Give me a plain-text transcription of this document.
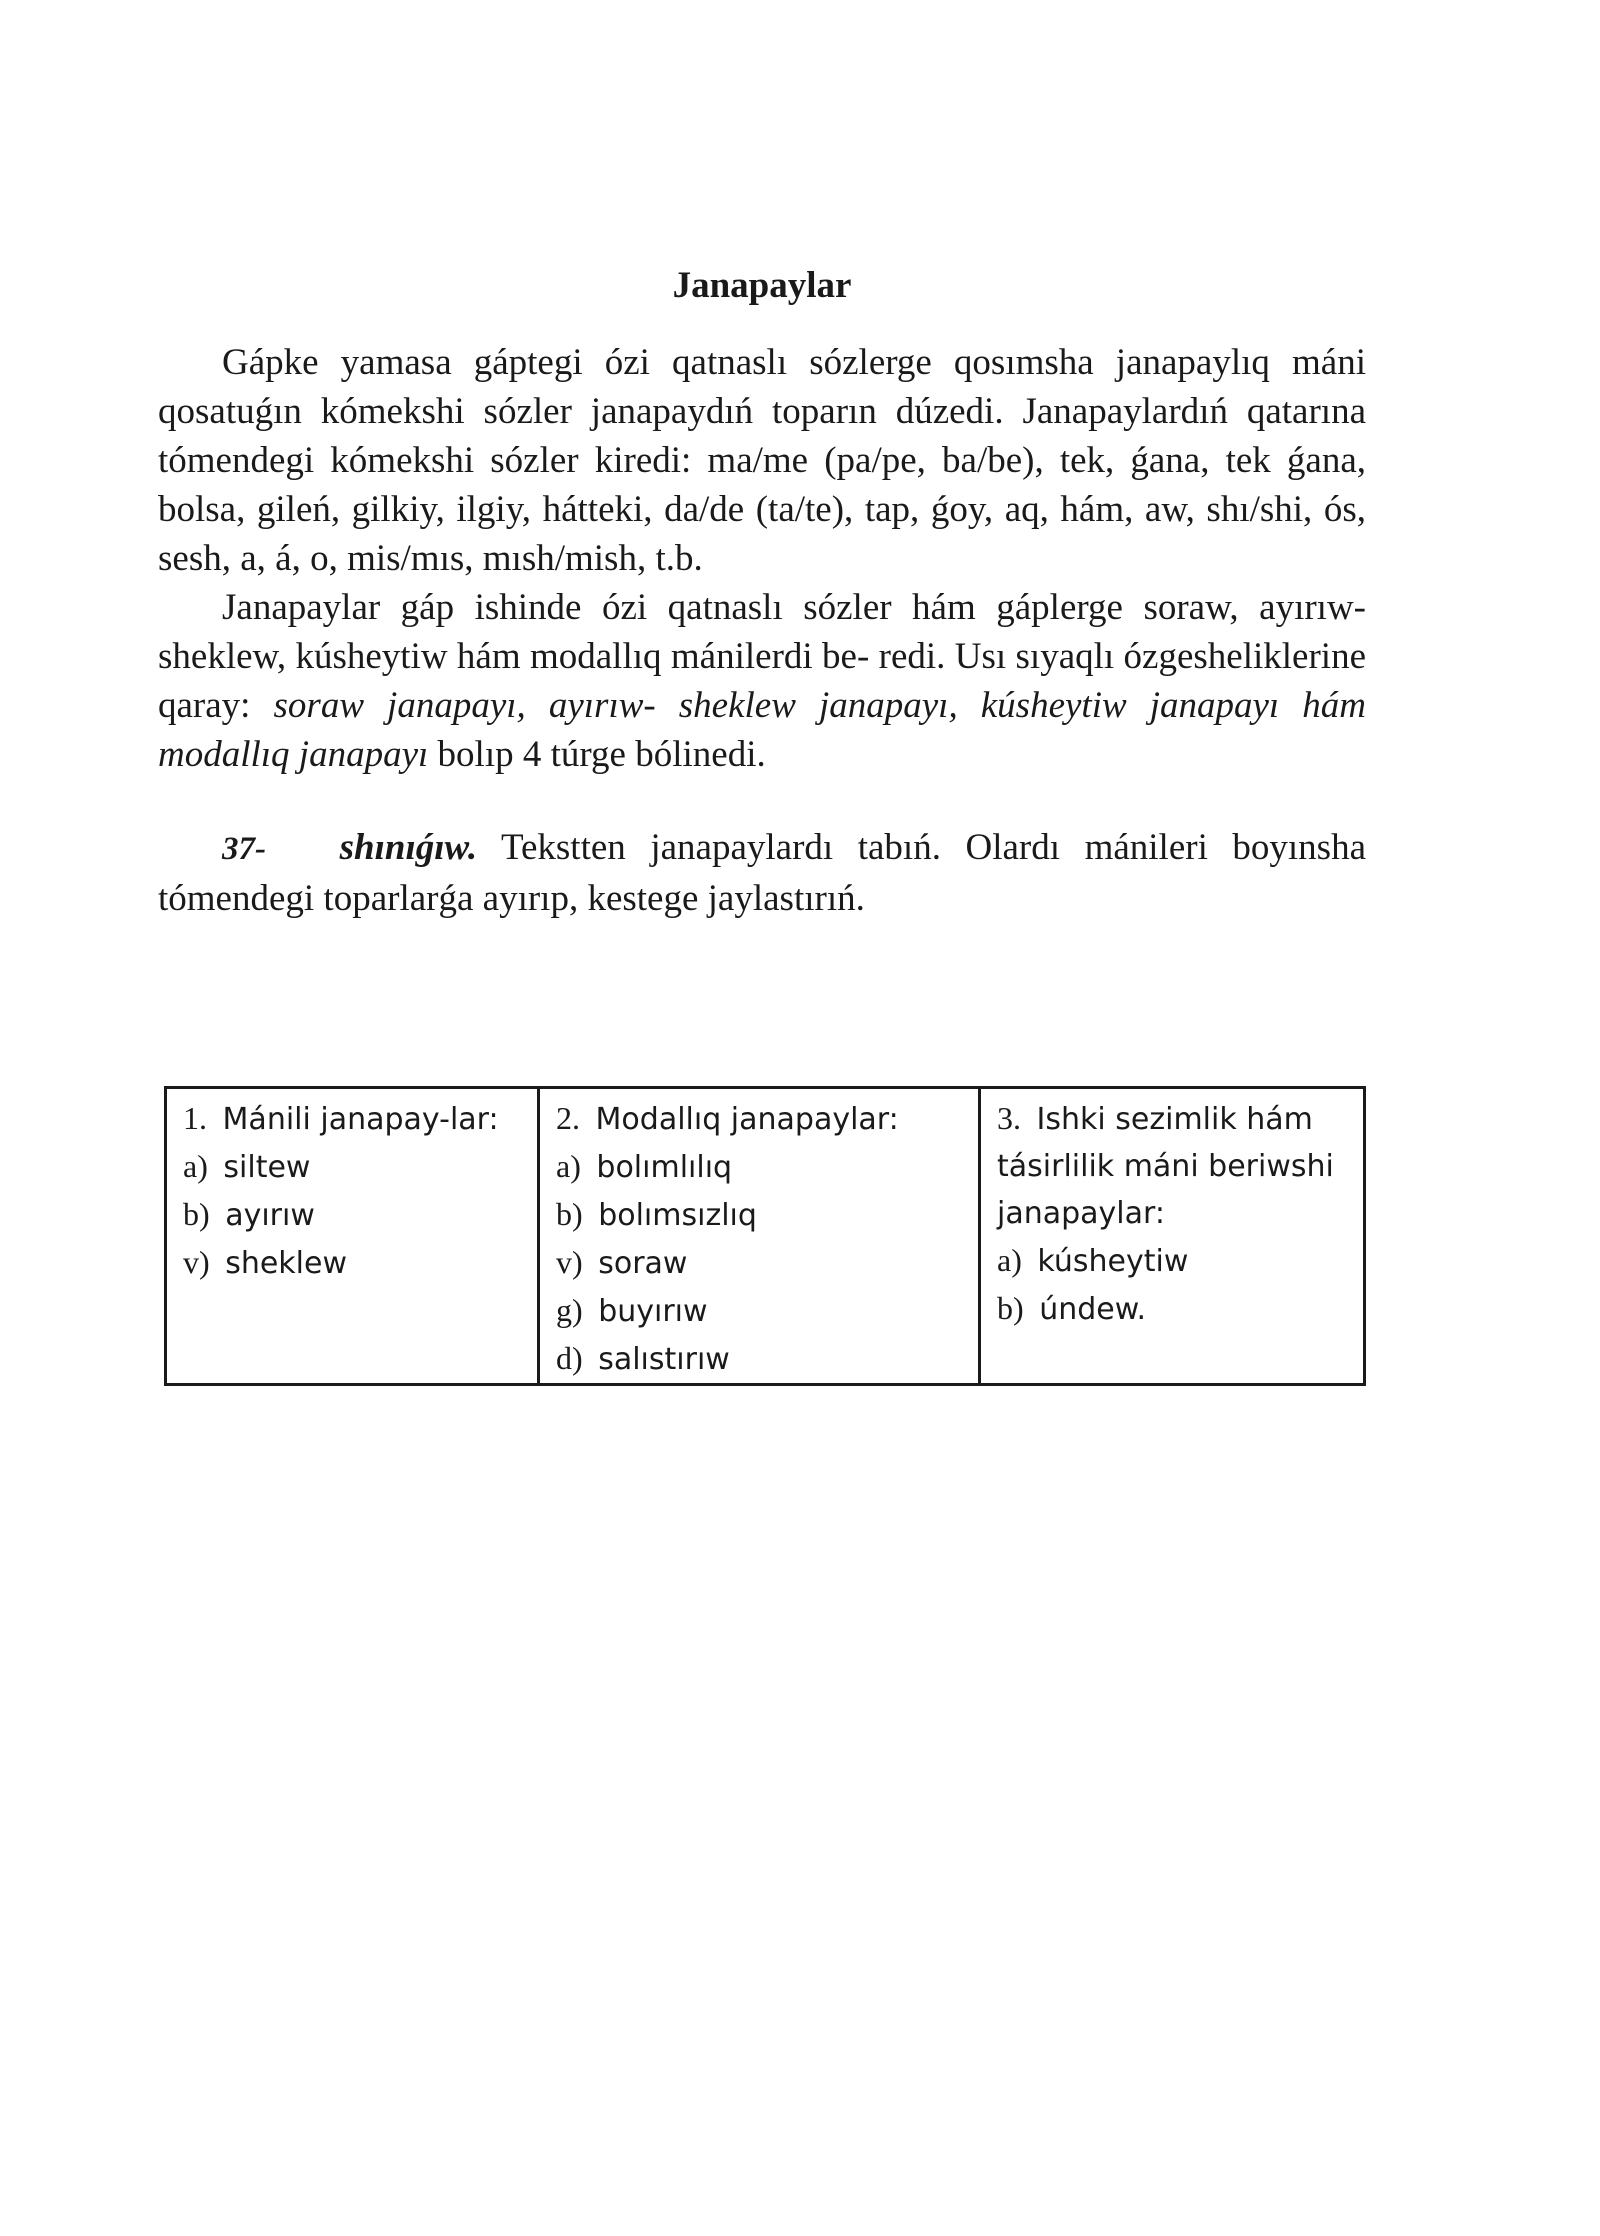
Janapaylar

Gápke yamasa gáptegi ózi qatnaslı sózlerge qosımsha janapaylıq máni qosatuǵın kómekshi sózler janapaydıń toparın dúzedi. Janapaylardıń qatarına tómendegi kómekshi sózler kiredi: ma/me (pa/pe, ba/be), tek, ǵana, tek ǵana, bolsa, gileń, gilkiy, ilgiy, hátteki, da/de (ta/te), tap, ǵoy, aq, hám, aw, shı/shi, ós, sesh, a, á, o, mis/mıs, mısh/mish, t.b.

Janapaylar gáp ishinde ózi qatnaslı sózler hám gáplerge soraw, ayırıw-sheklew, kúsheytiw hám modallıq mánilerdi be- redi. Usı sıyaqlı ózgesheliklerine qaray: soraw janapayı, ayırıw- sheklew janapayı, kúsheytiw janapayı hám modallıq janapayı bolıp 4 túrge bólinedi.

37- shınıǵıw. Tekstten janapaylardı tabıń. Olardı mánileri boyınsha tómendegi toparlarǵa ayırıp, kestege jaylastırıń.

1. Mánili janapay-lar:
a) siltew
b) ayırıw
v) sheklew

2. Modallıq janapaylar:
a) bolımlılıq
b) bolımsızlıq
v) soraw
g) buyırıw
d) salıstırıw

3. Ishki sezimlik hám tásirlilik máni beriwshi janapaylar:
a) kúsheytiw
b) úndew.
